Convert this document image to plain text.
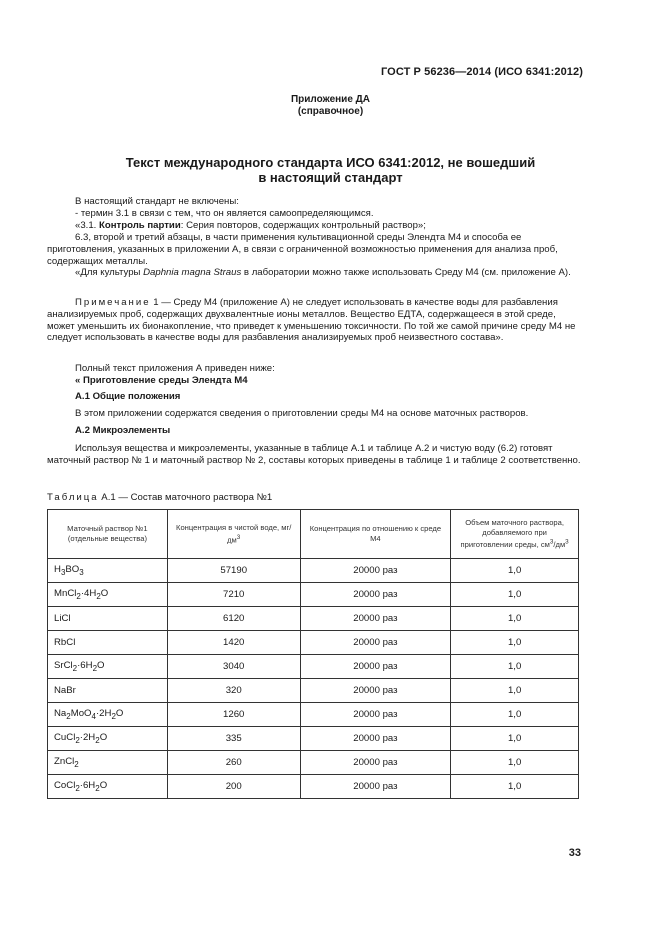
ГОСТ Р 56236—2014 (ИСО 6341:2012)
Приложение ДА
(справочное)
Текст международного стандарта ИСО 6341:2012, не вошедший
в настоящий стандарт
В настоящий стандарт не включены:
- термин 3.1 в связи с тем, что он является самоопределяющимся.
«3.1. Контроль партии: Серия повторов, содержащих контрольный раствор»;
6.3, второй и третий абзацы, в части применения культивационной среды Элендта M4 и способа ее приготовления, указанных в приложении А, в связи с ограниченной возможностью применения для анализа проб, содержащих металлы.
«Для культуры Daphnia magna Straus в лаборатории можно также использовать Среду М4 (см. приложение А).
Примечание 1 — Среду М4 (приложение А) не следует использовать в качестве воды для разбавления анализируемых проб, содержащих двухвалентные ионы металлов. Вещество ЕДТА, содержащееся в этой среде, может уменьшить их бионакопление, что приведет к уменьшению токсичности. По той же самой причине среду М4 не следует использовать в качестве воды для разбавления анализируемых проб неизвестного состава».
Полный текст приложения А приведен ниже:
« Приготовление среды Элендта М4
А.1 Общие положения
В этом приложении содержатся сведения о приготовлении среды М4 на основе маточных растворов.
А.2 Микроэлементы
Используя вещества и микроэлементы, указанные в таблице А.1 и таблице А.2 и чистую воду (6.2) готовят маточный раствор № 1 и маточный раствор № 2, составы которых приведены в таблице 1 и таблице 2 соответственно.
Таблица А.1 — Состав маточного раствора №1
Маточный раствор №1 (отдельные вещества)	Концентрация в чистой воде, $мг/дм^3$	Концентрация по отношению к среде М4	Объем маточного раствора, добавляемого при приготовлении среды, $см^3/дм^3$
$H_3BO_3$	57190	20000 раз	1,0
$MnCl_2\cdot 4H_2O$	7210	20000 раз	1,0
LiCl	6120	20000 раз	1,0
RbCl	1420	20000 раз	1,0
$SrCl_2\cdot 6H_2O$	3040	20000 раз	1,0
NaBr	320	20000 раз	1,0
$Na_2MoO_4\cdot 2H_2O$	1260	20000 раз	1,0
$CuCl_2\cdot 2H_2O$	335	20000 раз	1,0
ZnCl$_2$	260	20000 раз	1,0
$CoCl_2\cdot 6H_2O$	200	20000 раз	1,0
33
